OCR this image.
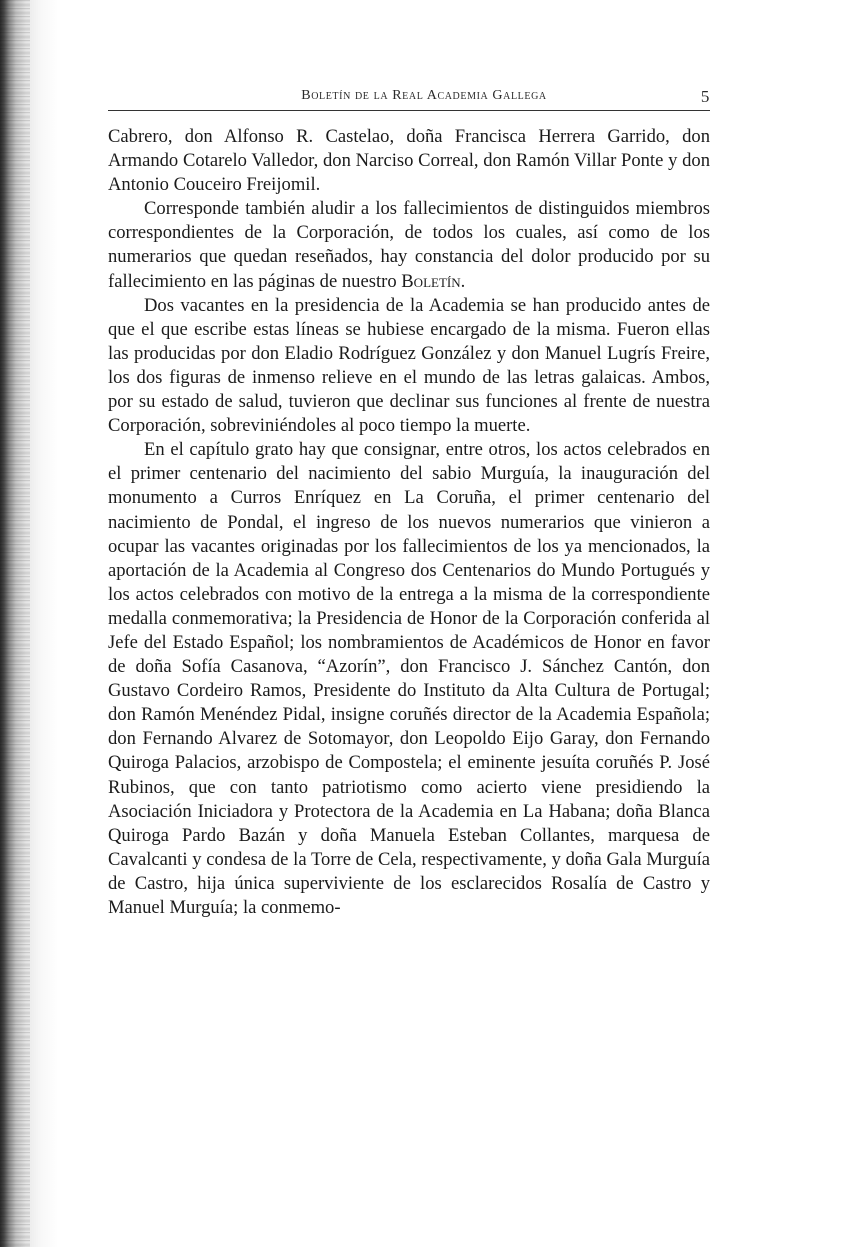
Boletín de la Real Academia Gallega	5

Cabrero, don Alfonso R. Castelao, doña Francisca Herrera Garrido, don Armando Cotarelo Valledor, don Narciso Correal, don Ramón Villar Ponte y don Antonio Couceiro Freijomil.

Corresponde también aludir a los fallecimientos de distinguidos miembros correspondientes de la Corporación, de todos los cuales, así como de los numerarios que quedan reseñados, hay constancia del dolor producido por su fallecimiento en las páginas de nuestro Boletín.

Dos vacantes en la presidencia de la Academia se han producido antes de que el que escribe estas líneas se hubiese encargado de la misma. Fueron ellas las producidas por don Eladio Rodríguez González y don Manuel Lugrís Freire, los dos figuras de inmenso relieve en el mundo de las letras galaicas. Ambos, por su estado de salud, tuvieron que declinar sus funciones al frente de nuestra Corporación, sobreviniéndoles al poco tiempo la muerte.

En el capítulo grato hay que consignar, entre otros, los actos celebrados en el primer centenario del nacimiento del sabio Murguía, la inauguración del monumento a Curros Enríquez en La Coruña, el primer centenario del nacimiento de Pondal, el ingreso de los nuevos numerarios que vinieron a ocupar las vacantes originadas por los fallecimientos de los ya mencionados, la aportación de la Academia al Congreso dos Centenarios do Mundo Portugués y los actos celebrados con motivo de la entrega a la misma de la correspondiente medalla conmemorativa; la Presidencia de Honor de la Corporación conferida al Jefe del Estado Español; los nombramientos de Académicos de Honor en favor de doña Sofía Casanova, “Azorín”, don Francisco J. Sánchez Cantón, don Gustavo Cordeiro Ramos, Presidente do Instituto da Alta Cultura de Portugal; don Ramón Menéndez Pidal, insigne coruñés director de la Academia Española; don Fernando Alvarez de Sotomayor, don Leopoldo Eijo Garay, don Fernando Quiroga Palacios, arzobispo de Compostela; el eminente jesuíta coruñés P. José Rubinos, que con tanto patriotismo como acierto viene presidiendo la Asociación Iniciadora y Protectora de la Academia en La Habana; doña Blanca Quiroga Pardo Bazán y doña Manuela Esteban Collantes, marquesa de Cavalcanti y condesa de la Torre de Cela, respectivamente, y doña Gala Murguía de Castro, hija única superviviente de los esclarecidos Rosalía de Castro y Manuel Murguía; la conmemo-
